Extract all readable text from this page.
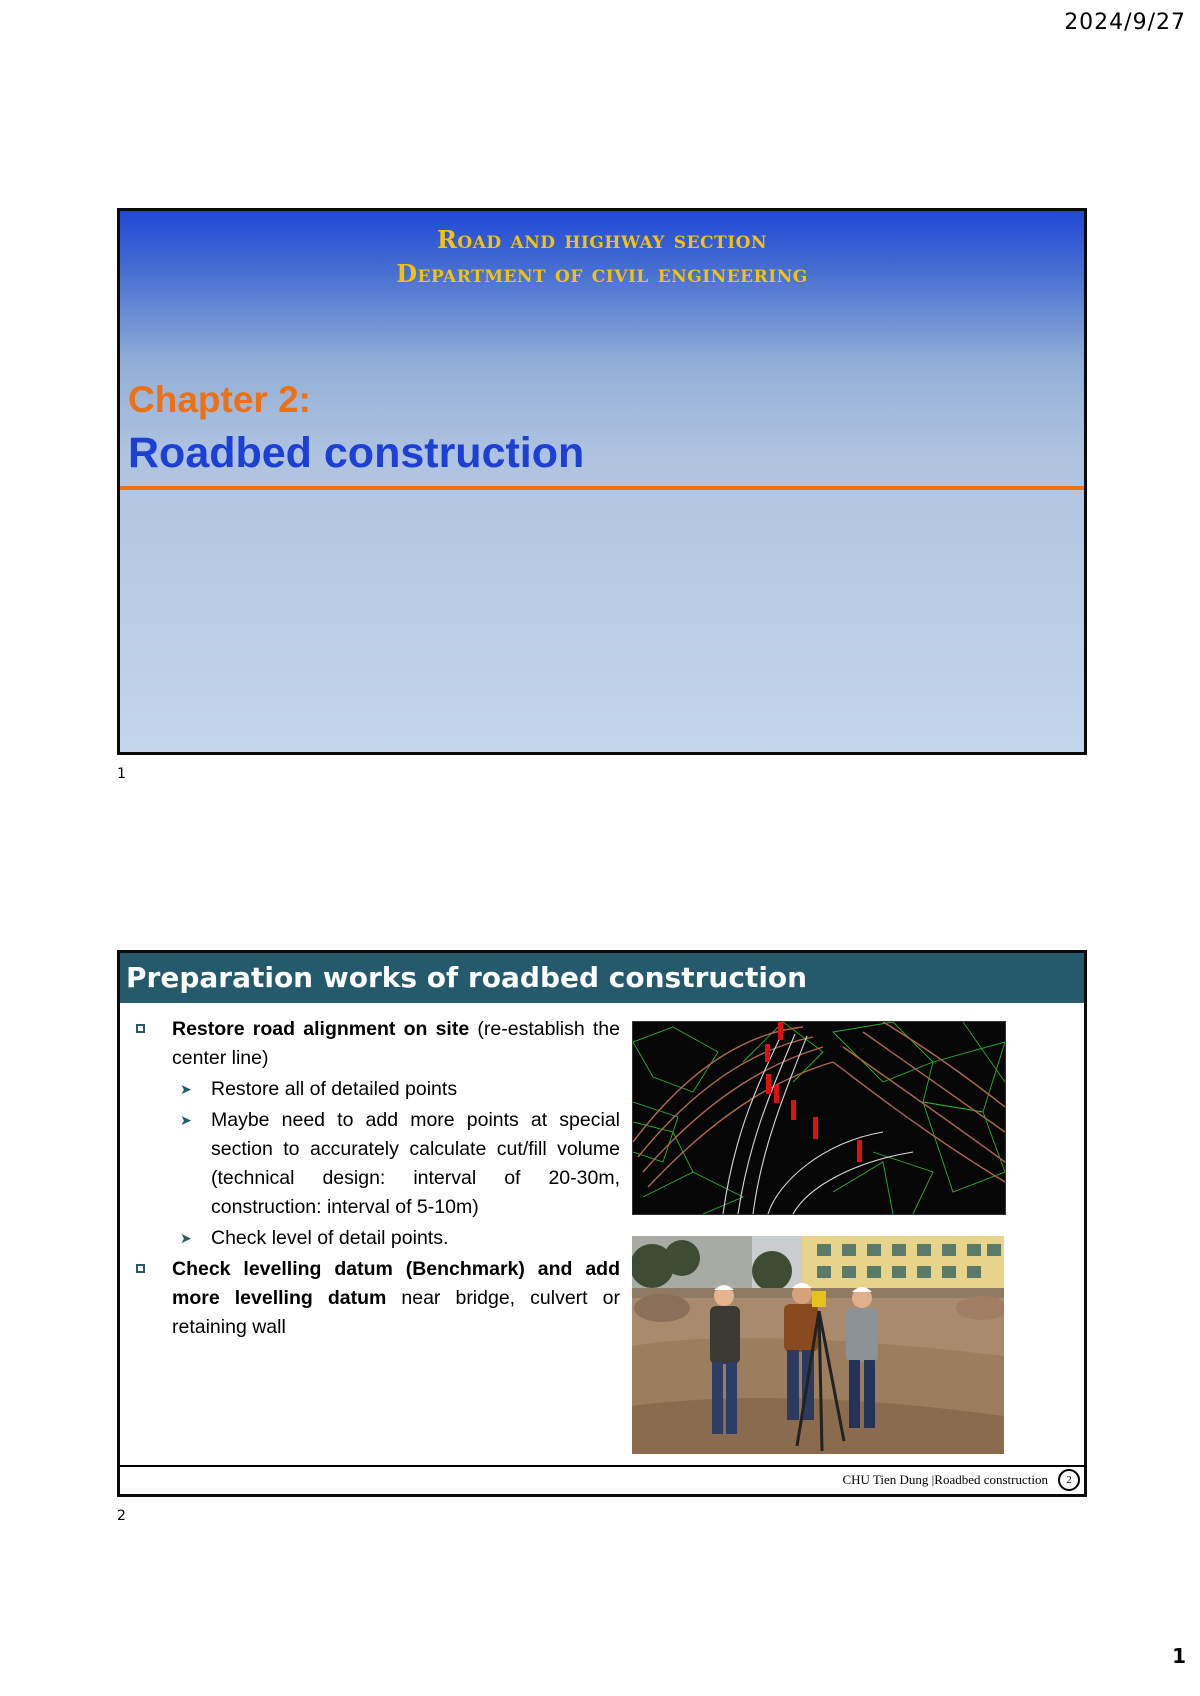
2024/9/27
Road and highway section
Department of civil engineering
Chapter 2:
Roadbed construction
1
Preparation works of roadbed construction

Restore road alignment on site (re-establish the center line)

➤ Restore all of detailed points

➤ Maybe need to add more points at special section to accurately calculate cut/fill volume (technical design: interval of 20-30m, construction: interval of 5-10m)

➤ Check level of detail points.

Check levelling datum (Benchmark) and add more levelling datum near bridge, culvert or retaining wall

CHU Tien Dung |Roadbed construction	2
2
1
